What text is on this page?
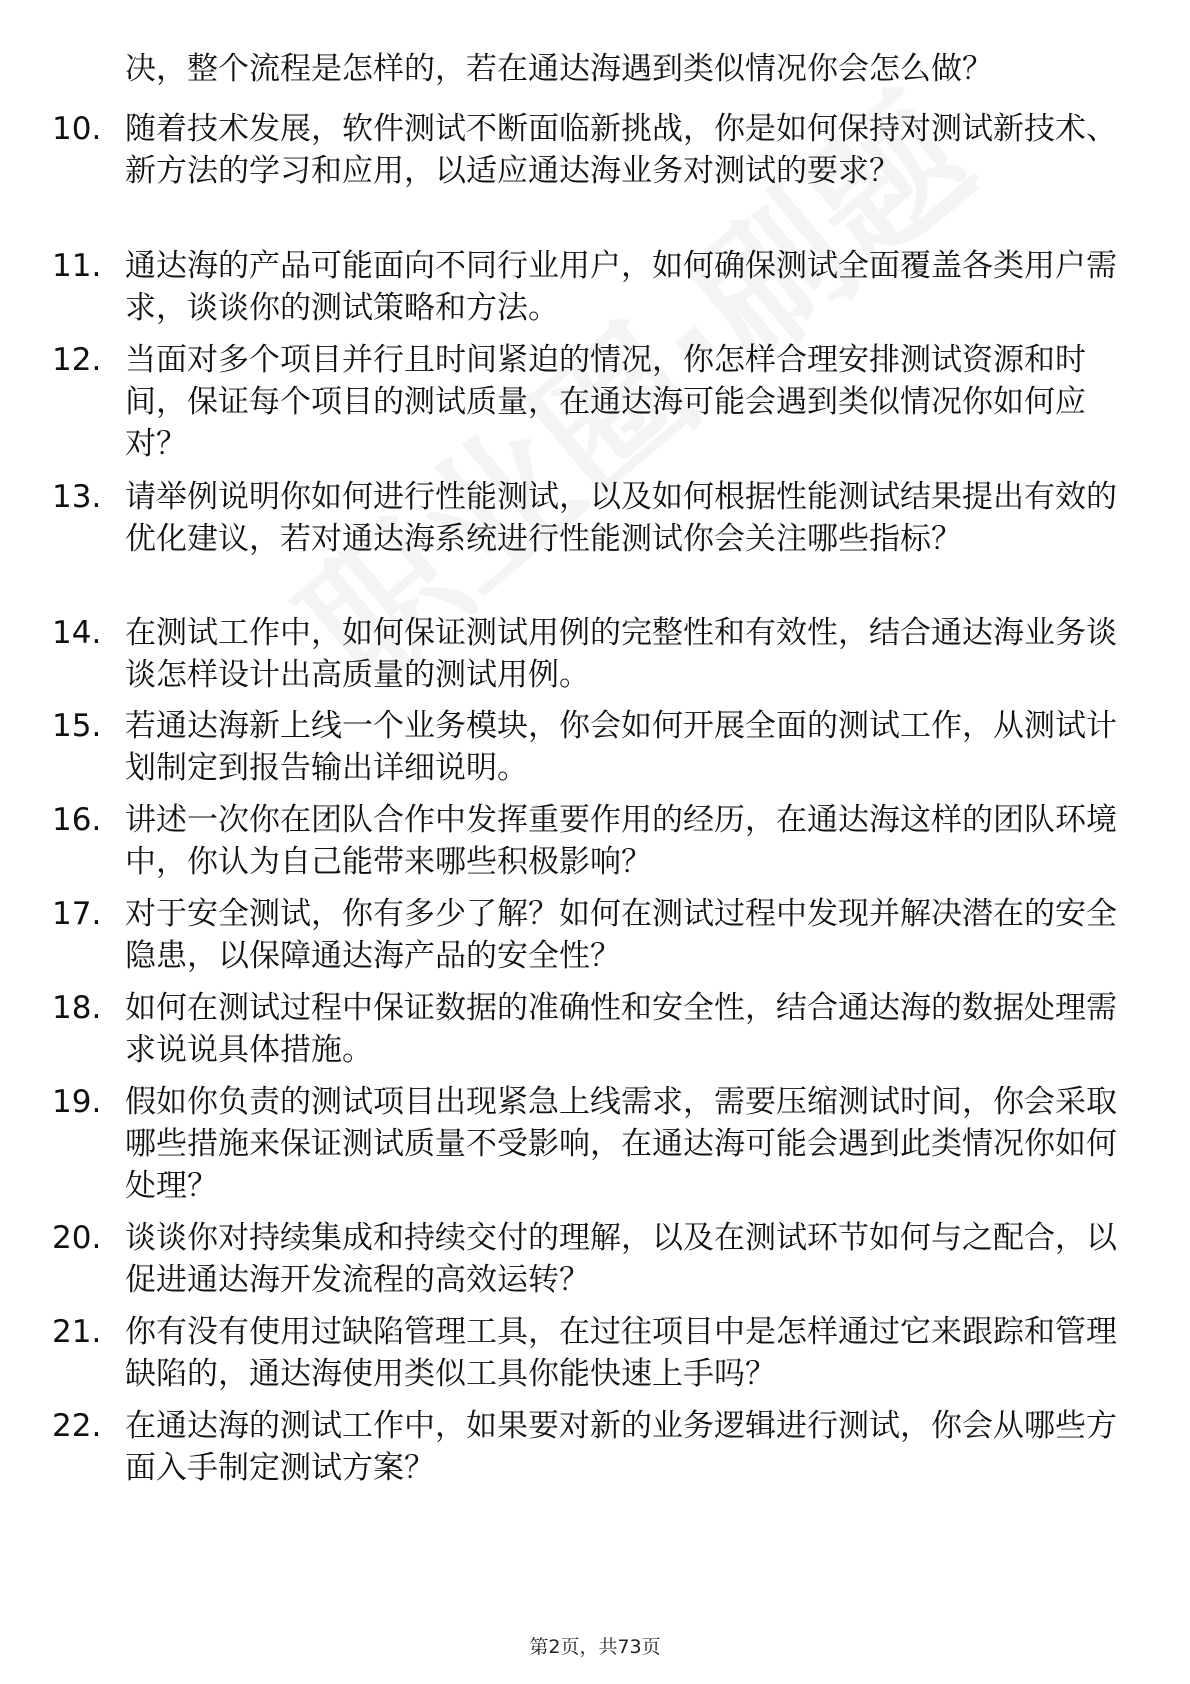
决，整个流程是怎样的，若在通达海遇到类似情况你会怎么做？
10. 随着技术发展，软件测试不断面临新挑战，你是如何保持对测试新技术、新方法的学习和应用，以适应通达海业务对测试的要求？
11. 通达海的产品可能面向不同行业用户，如何确保测试全面覆盖各类用户需求，谈谈你的测试策略和方法。
12. 当面对多个项目并行且时间紧迫的情况，你怎样合理安排测试资源和时间，保证每个项目的测试质量，在通达海可能会遇到类似情况你如何应对？
13. 请举例说明你如何进行性能测试，以及如何根据性能测试结果提出有效的优化建议，若对通达海系统进行性能测试你会关注哪些指标？
14. 在测试工作中，如何保证测试用例的完整性和有效性，结合通达海业务谈谈怎样设计出高质量的测试用例。
15. 若通达海新上线一个业务模块，你会如何开展全面的测试工作，从测试计划制定到报告输出详细说明。
16. 讲述一次你在团队合作中发挥重要作用的经历，在通达海这样的团队环境中，你认为自己能带来哪些积极影响？
17. 对于安全测试，你有多少了解？如何在测试过程中发现并解决潜在的安全隐患，以保障通达海产品的安全性？
18. 如何在测试过程中保证数据的准确性和安全性，结合通达海的数据处理需求说说具体措施。
19. 假如你负责的测试项目出现紧急上线需求，需要压缩测试时间，你会采取哪些措施来保证测试质量不受影响，在通达海可能会遇到此类情况你如何处理？
20. 谈谈你对持续集成和持续交付的理解，以及在测试环节如何与之配合，以促进通达海开发流程的高效运转？
21. 你有没有使用过缺陷管理工具，在过往项目中是怎样通过它来跟踪和管理缺陷的，通达海使用类似工具你能快速上手吗？
22. 在通达海的测试工作中，如果要对新的业务逻辑进行测试，你会从哪些方面入手制定测试方案？
第2页，共73页
